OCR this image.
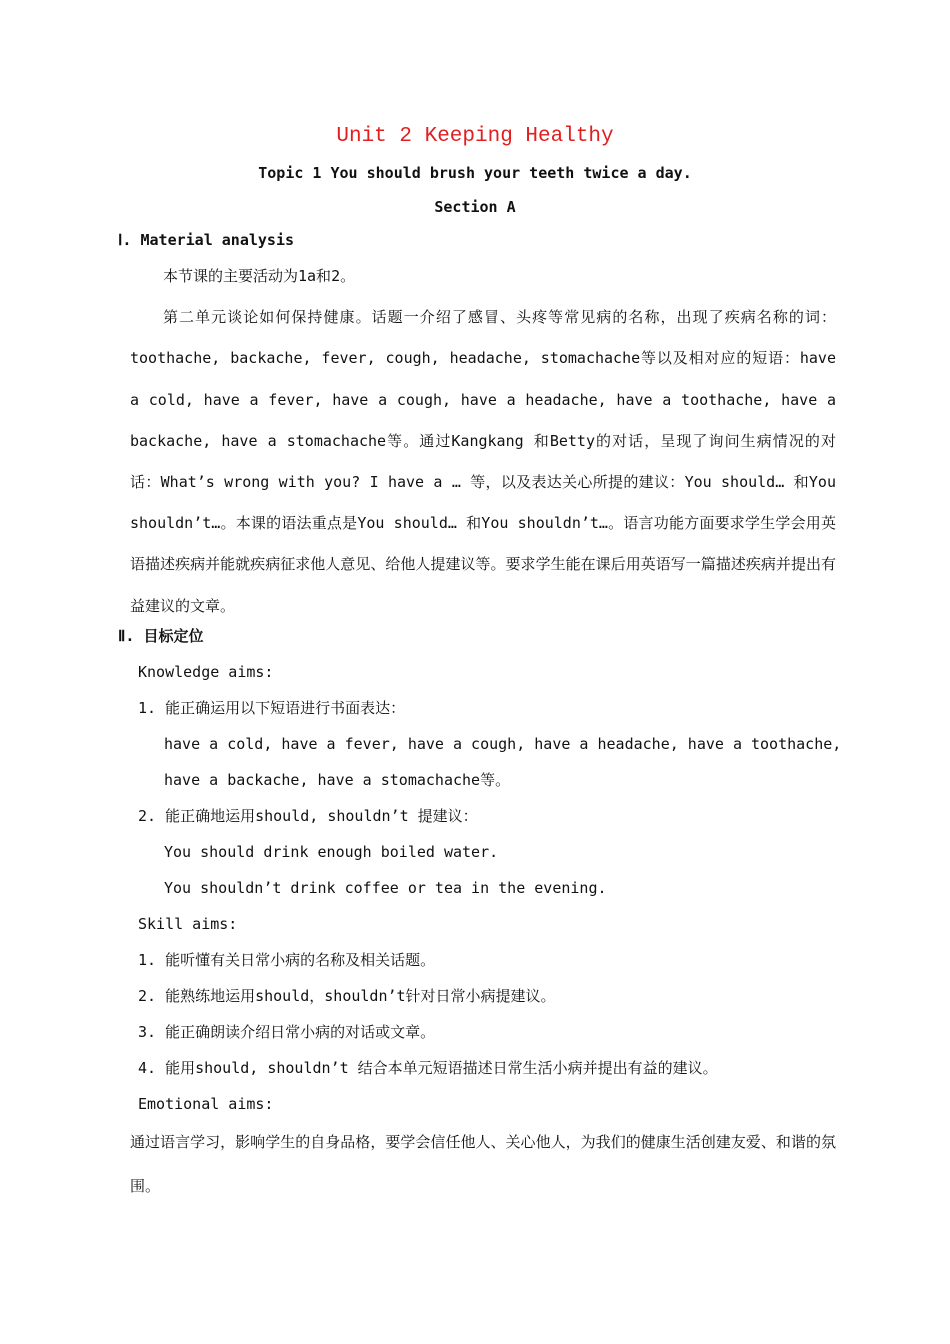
Unit 2 Keeping Healthy
Topic 1 You should brush your teeth twice a day.
Section A
Ⅰ. Material analysis
本节课的主要活动为1a和2。
第二单元谈论如何保持健康。话题一介绍了感冒、头疼等常见病的名称，出现了疾病名称的词：toothache, backache, fever, cough, headache, stomachache等以及相对应的短语：have a cold, have a fever, have a cough, have a headache, have a toothache, have a backache, have a stomachache等。通过Kangkang 和Betty的对话，呈现了询问生病情况的对话：What’s wrong with you? I have a … 等，以及表达关心所提的建议：You should… 和You shouldn’t…。本课的语法重点是You should… 和You shouldn’t…。语言功能方面要求学生学会用英语描述疾病并能就疾病征求他人意见、给他人提建议等。要求学生能在课后用英语写一篇描述疾病并提出有益建议的文章。
Ⅱ. 目标定位
Knowledge aims:
1. 能正确运用以下短语进行书面表达：
have a cold, have a fever, have a cough, have a headache, have a toothache,
have a backache, have a stomachache等。
2. 能正确地运用should, shouldn’t 提建议：
You should drink enough boiled water.
You shouldn’t drink coffee or tea in the evening.
Skill aims:
1. 能听懂有关日常小病的名称及相关话题。
2. 能熟练地运用should，shouldn’t针对日常小病提建议。
3. 能正确朗读介绍日常小病的对话或文章。
4. 能用should, shouldn’t 结合本单元短语描述日常生活小病并提出有益的建议。
Emotional aims:
通过语言学习，影响学生的自身品格，要学会信任他人、关心他人，为我们的健康生活创建友爱、和谐的氛围。
